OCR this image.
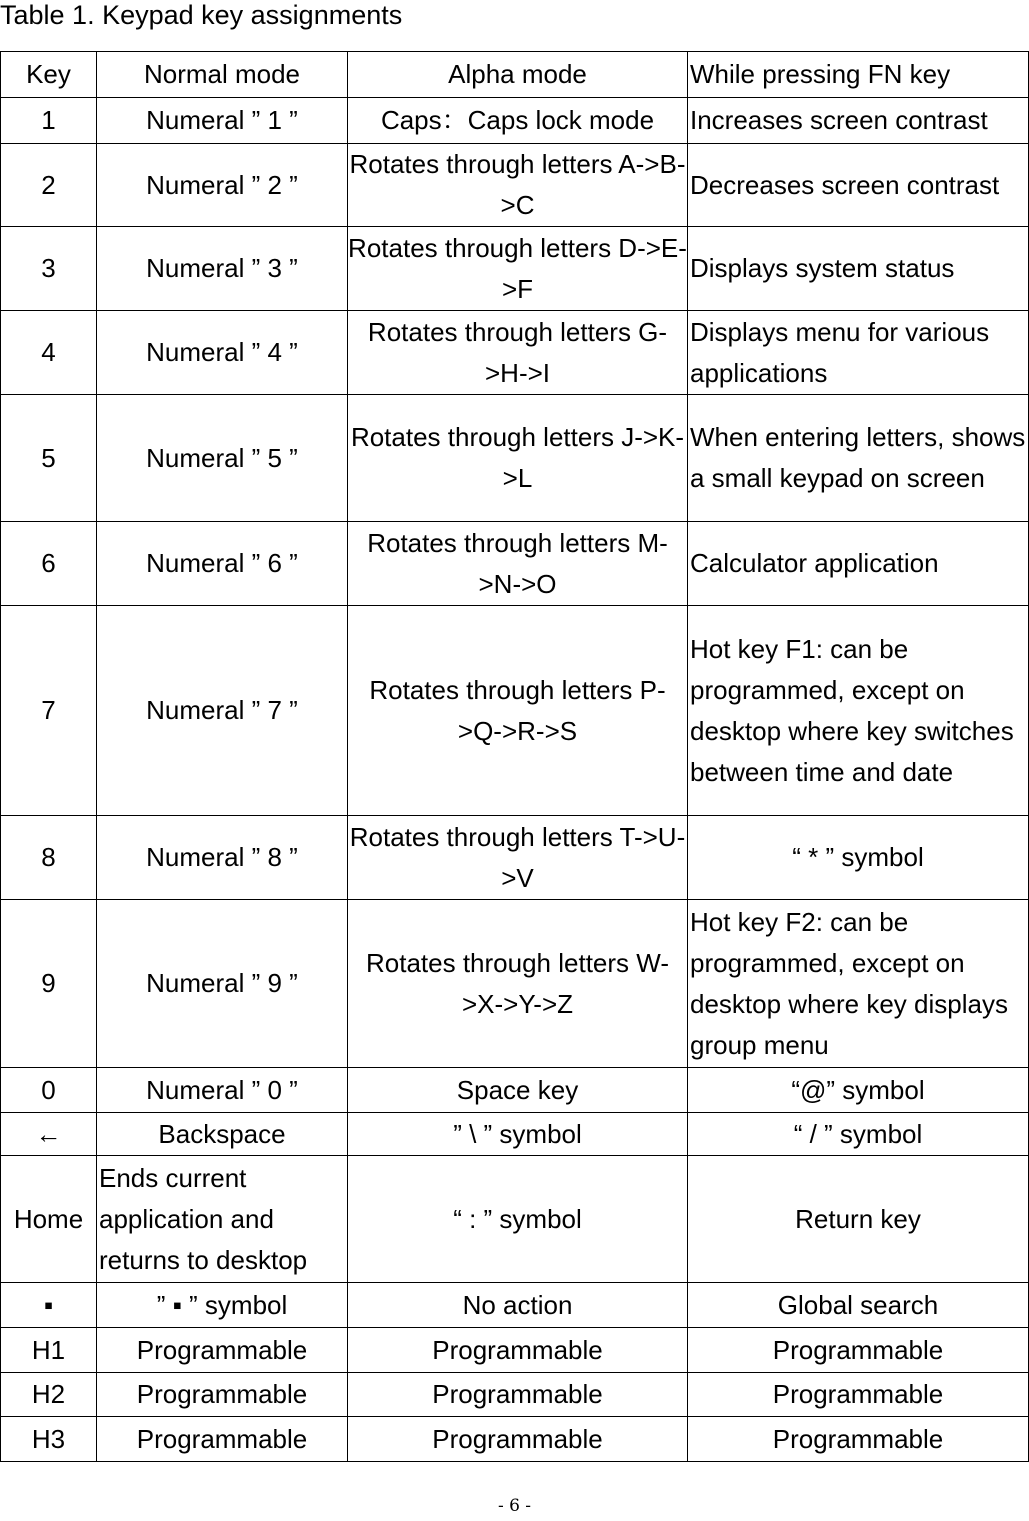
Table 1. Keypad key assignments
Key	Normal mode	Alpha mode	While pressing FN key
1	Numeral ” 1 ”	Caps：Caps lock mode	Increases screen contrast
2	Numeral ” 2 ”	Rotates through letters A->B->C	Decreases screen contrast
3	Numeral ” 3 ”	Rotates through letters D->E->F	Displays system status
4	Numeral ” 4 ”	Rotates through letters G->H->I	Displays menu for various applications
5	Numeral ” 5 ”	Rotates through letters J->K->L	When entering letters, shows a small keypad on screen
6	Numeral ” 6 ”	Rotates through letters M->N->O	Calculator application
7	Numeral ” 7 ”	Rotates through letters P->Q->R->S	Hot key F1: can be programmed, except on desktop where key switches between time and date
8	Numeral ” 8 ”	Rotates through letters T->U->V	“ * ” symbol
9	Numeral ” 9 ”	Rotates through letters W->X->Y->Z	Hot key F2: can be programmed, except on desktop where key displays group menu
0	Numeral ” 0 ”	Space key	“@” symbol
←	Backspace	” \ ” symbol	“ / ” symbol
Home	Ends current application and returns to desktop	“ : ” symbol	Return key
▪	” ▪ ” symbol	No action	Global search
H1	Programmable	Programmable	Programmable
H2	Programmable	Programmable	Programmable
H3	Programmable	Programmable	Programmable
- 6 -
